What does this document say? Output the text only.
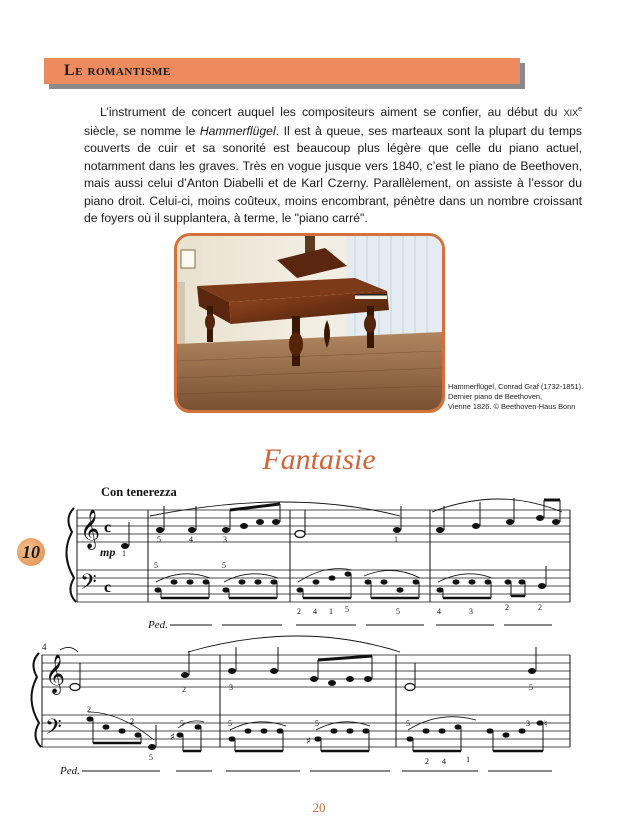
Le romantisme

L’instrument de concert auquel les compositeurs aiment se confier, au début du XIXe siècle, se nomme le Hammerflügel. Il est à queue, ses marteaux sont la plupart du temps couverts de cuir et sa sonorité est beaucoup plus légère que celle du piano actuel, notamment dans les graves. Très en vogue jusque vers 1840, c’est le piano de Beethoven, mais aussi celui d’Anton Diabelli et de Karl Czerny. Parallèlement, on assiste à l’essor du piano droit. Celui-ci, moins coûteux, moins encombrant, pénètre dans un nombre croissant de foyers où il supplantera, à terme, le "piano carré".

Hammerflügel, Conrad Graf (1732-1851).
Dernier piano de Beethoven,
Vienne 1826. © Beethoven-Haus Bonn

Fantaisie
Con tenerezza
mp
10
4
𝄞
𝄢
c
c
1
5	4	3	1
5	5
2 4 1 5	5	4	3	2	2
Ped.
𝄞
𝄢
2	3	5
2
2
5
5	5	5	5
2 4	1
3
♯	♯
♮
Ped.
20
